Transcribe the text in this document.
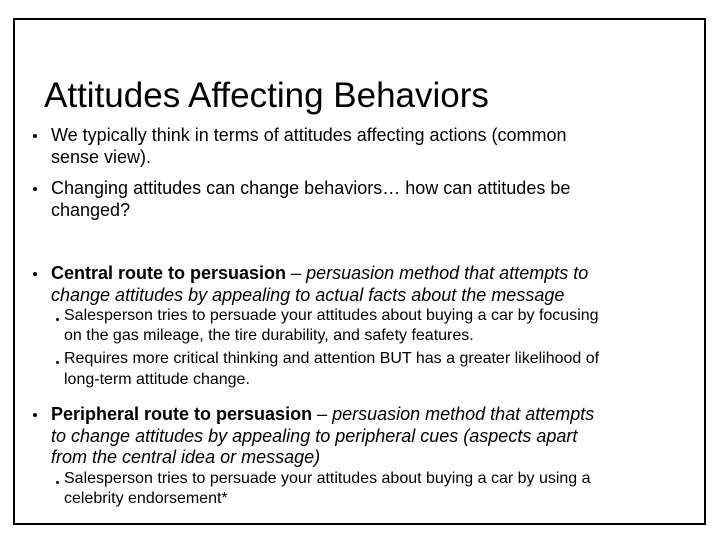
Attitudes Affecting Behaviors
We typically think in terms of attitudes affecting actions (common
sense view).
Changing attitudes can change behaviors… how can attitudes be
changed?
Central route to persuasion – persuasion method that attempts to
change attitudes by appealing to actual facts about the message
Salesperson tries to persuade your attitudes about buying a car by focusing
on the gas mileage, the tire durability, and safety features.
Requires more critical thinking and attention BUT has a greater likelihood of
long-term attitude change.
Peripheral route to persuasion – persuasion method that attempts
to change attitudes by appealing to peripheral cues (aspects apart
from the central idea or message)
Salesperson tries to persuade your attitudes about buying a car by using a
celebrity endorsement*
